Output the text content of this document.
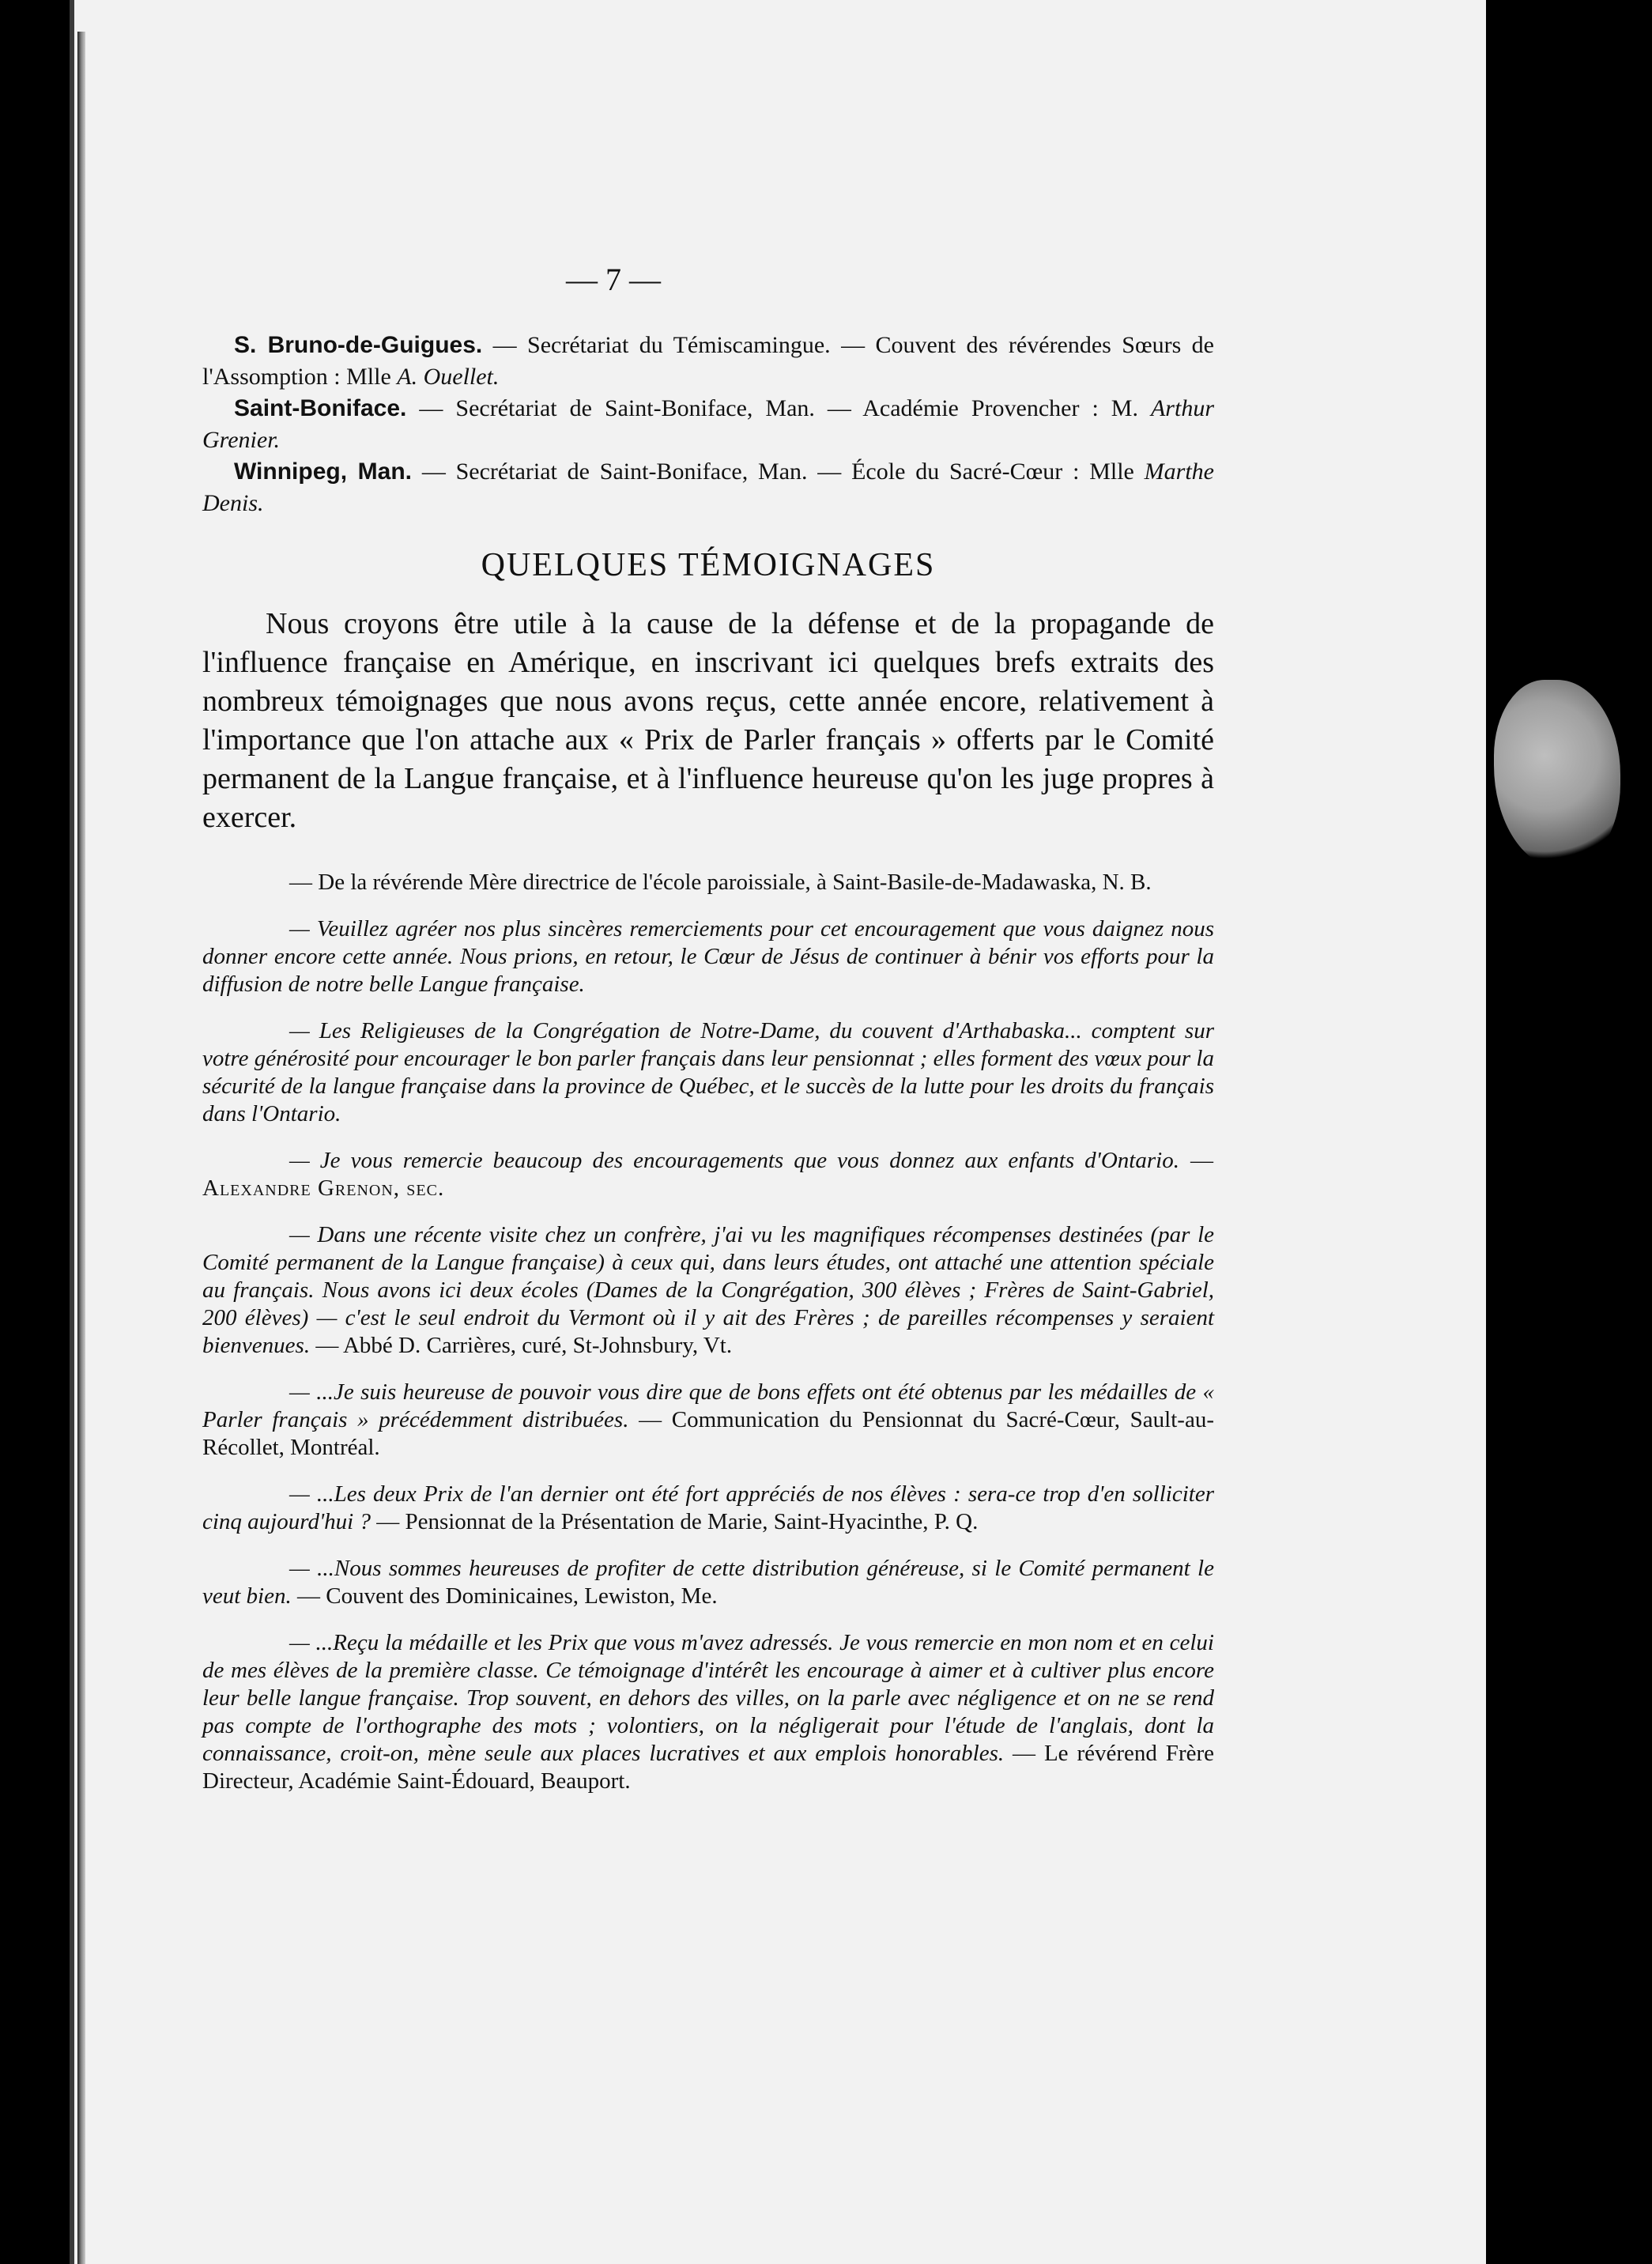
— 7 —

S. Bruno-de-Guigues. — Secrétariat du Témiscamingue. — Couvent des révérendes Sœurs de l'Assomption : Mlle A. Ouellet.

Saint-Boniface. — Secrétariat de Saint-Boniface, Man. — Académie Provencher : M. Arthur Grenier.

Winnipeg, Man. — Secrétariat de Saint-Boniface, Man. — École du Sacré-Cœur : Mlle Marthe Denis.

QUELQUES TÉMOIGNAGES

Nous croyons être utile à la cause de la défense et de la propagande de l'influence française en Amérique, en inscrivant ici quelques brefs extraits des nombreux témoignages que nous avons reçus, cette année encore, relativement à l'importance que l'on attache aux « Prix de Parler français » offerts par le Comité permanent de la Langue française, et à l'influence heureuse qu'on les juge propres à exercer.

— De la révérende Mère directrice de l'école paroissiale, à Saint-Basile-de-Madawaska, N. B.

— Veuillez agréer nos plus sincères remerciements pour cet encouragement que vous daignez nous donner encore cette année. Nous prions, en retour, le Cœur de Jésus de continuer à bénir vos efforts pour la diffusion de notre belle Langue française.

— Les Religieuses de la Congrégation de Notre-Dame, du couvent d'Arthabaska... comptent sur votre générosité pour encourager le bon parler français dans leur pensionnat ; elles forment des vœux pour la sécurité de la langue française dans la province de Québec, et le succès de la lutte pour les droits du français dans l'Ontario.

— Je vous remercie beaucoup des encouragements que vous donnez aux enfants d'Ontario. — Alexandre Grenon, sec.

— Dans une récente visite chez un confrère, j'ai vu les magnifiques récompenses destinées (par le Comité permanent de la Langue française) à ceux qui, dans leurs études, ont attaché une attention spéciale au français. Nous avons ici deux écoles (Dames de la Congrégation, 300 élèves ; Frères de Saint-Gabriel, 200 élèves) — c'est le seul endroit du Vermont où il y ait des Frères ; de pareilles récompenses y seraient bienvenues. — Abbé D. Carrières, curé, St-Johnsbury, Vt.

— ...Je suis heureuse de pouvoir vous dire que de bons effets ont été obtenus par les médailles de « Parler français » précédemment distribuées. — Communication du Pensionnat du Sacré-Cœur, Sault-au-Récollet, Montréal.

— ...Les deux Prix de l'an dernier ont été fort appréciés de nos élèves : sera-ce trop d'en solliciter cinq aujourd'hui ? — Pensionnat de la Présentation de Marie, Saint-Hyacinthe, P. Q.

— ...Nous sommes heureuses de profiter de cette distribution généreuse, si le Comité permanent le veut bien. — Couvent des Dominicaines, Lewiston, Me.

— ...Reçu la médaille et les Prix que vous m'avez adressés. Je vous remercie en mon nom et en celui de mes élèves de la première classe. Ce témoignage d'intérêt les encourage à aimer et à cultiver plus encore leur belle langue française. Trop souvent, en dehors des villes, on la parle avec négligence et on ne se rend pas compte de l'orthographe des mots ; volontiers, on la négligerait pour l'étude de l'anglais, dont la connaissance, croit-on, mène seule aux places lucratives et aux emplois honorables. — Le révérend Frère Directeur, Académie Saint-Édouard, Beauport.
